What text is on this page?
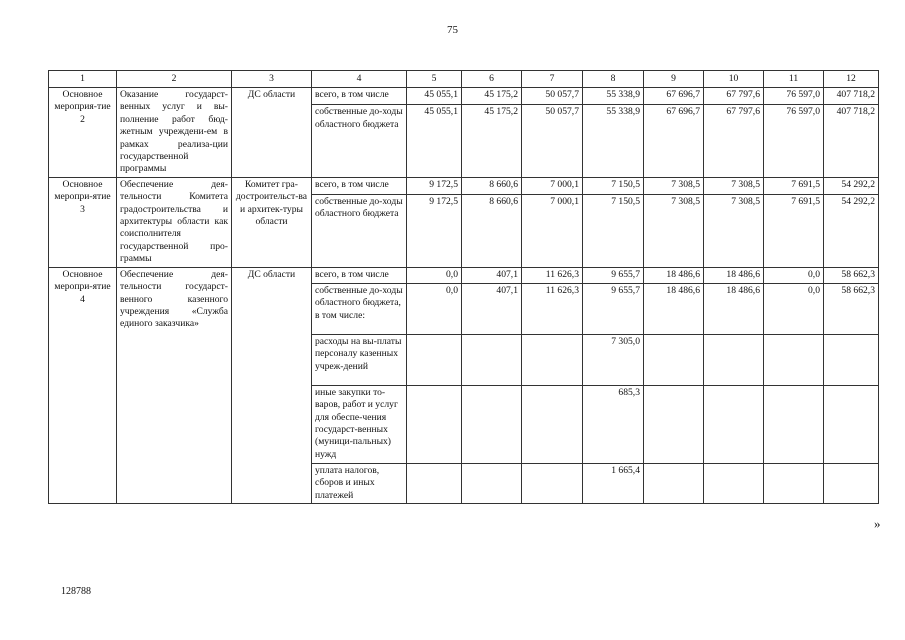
75
1	2	3	4	5	6	7	8	9	10	11	12
Основное мероприя-тие 2	Оказание государст-венных услуг и вы-полнение работ бюд-жетным учреждени-ем в рамках реализа-ции государственной программы	ДС области	всего, в том числе	45 055,1	45 175,2	50 057,7	55 338,9	67 696,7	67 797,6	76 597,0	407 718,2
			собственные до-ходы областного бюджета	45 055,1	45 175,2	50 057,7	55 338,9	67 696,7	67 797,6	76 597,0	407 718,2
Основное меропри-ятие 3	Обеспечение дея-тельности Комитета градостроительства и архитектуры области как соисполнителя государственной про-граммы	Комитет гра-достроительст-ва и архитек-туры области	всего, в том числе	9 172,5	8 660,6	7 000,1	7 150,5	7 308,5	7 308,5	7 691,5	54 292,2
			собственные до-ходы областного бюджета	9 172,5	8 660,6	7 000,1	7 150,5	7 308,5	7 308,5	7 691,5	54 292,2
Основное меропри-ятие 4	Обеспечение дея-тельности государст-венного казенного учреждения «Служба единого заказчика»	ДС области	всего, в том числе	0,0	407,1	11 626,3	9 655,7	18 486,6	18 486,6	0,0	58 662,3
			собственные до-ходы областного бюджета, в том числе:	0,0	407,1	11 626,3	9 655,7	18 486,6	18 486,6	0,0	58 662,3
			расходы на вы-платы персоналу казенных учреж-дений				7 305,0				
			иные закупки то-варов, работ и услуг для обеспе-чения государст-венных (муници-пальных) нужд				685,3				
			уплата налогов, сборов и иных платежей				1 665,4				
»
128788
